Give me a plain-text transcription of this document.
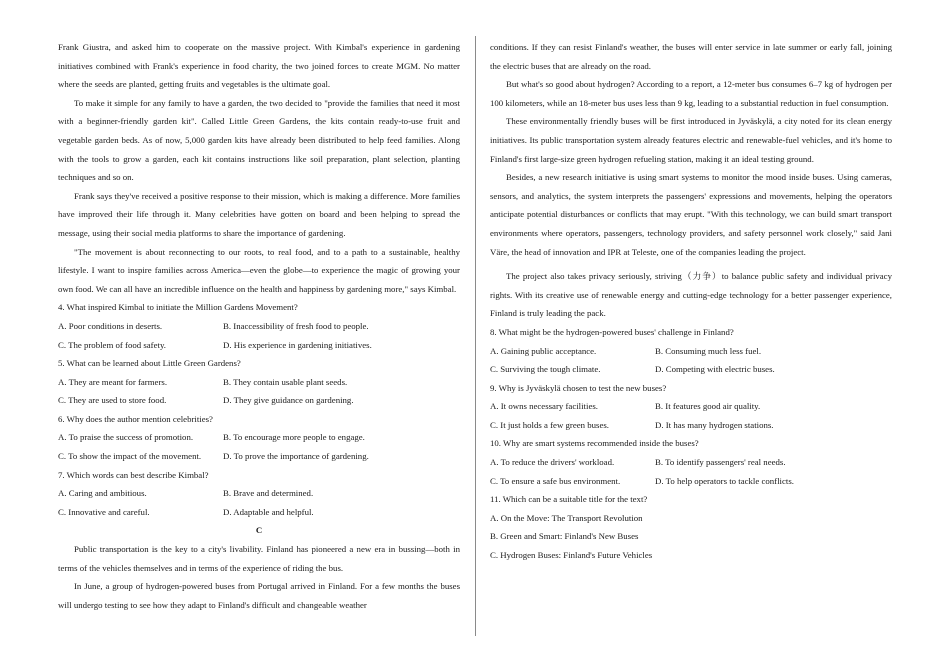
Frank Giustra, and asked him to cooperate on the massive project. With Kimbal's experience in gardening initiatives combined with Frank's experience in food charity, the two joined forces to create MGM. No matter where the seeds are planted, getting fruits and vegetables is the ultimate goal.

To make it simple for any family to have a garden, the two decided to "provide the families that need it most with a beginner-friendly garden kit". Called Little Green Gardens, the kits contain ready-to-use fruit and vegetable garden beds. As of now, 5,000 garden kits have already been distributed to help feed families. Along with the tools to grow a garden, each kit contains instructions like soil preparation, plant selection, planting techniques and so on.

Frank says they've received a positive response to their mission, which is making a difference. More families have improved their life through it. Many celebrities have gotten on board and been helping to spread the message, using their social media platforms to share the importance of gardening.

"The movement is about reconnecting to our roots, to real food, and to a path to a sustainable, healthy lifestyle. I want to inspire families across America—even the globe—to experience the magic of growing your own food. We can all have an incredible influence on the health and happiness by gardening more," says Kimbal.

4. What inspired Kimbal to initiate the Million Gardens Movement?

A. Poor conditions in deserts.	B. Inaccessibility of fresh food to people.
C. The problem of food safety.	D. His experience in gardening initiatives.

5. What can be learned about Little Green Gardens?

A. They are meant for farmers.	B. They contain usable plant seeds.
C. They are used to store food.	D. They give guidance on gardening.

6. Why does the author mention celebrities?

A. To praise the success of promotion.	B. To encourage more people to engage.
C. To show the impact of the movement.	D. To prove the importance of gardening.

7. Which words can best describe Kimbal?

A. Caring and ambitious.	B. Brave and determined.
C. Innovative and careful.	D. Adaptable and helpful.

C

Public transportation is the key to a city's livability. Finland has pioneered a new era in bussing—both in terms of the vehicles themselves and in terms of the experience of riding the bus.

In June, a group of hydrogen-powered buses from Portugal arrived in Finland. For a few months the buses will undergo testing to see how they adapt to Finland's difficult and changeable weather

conditions. If they can resist Finland's weather, the buses will enter service in late summer or early fall, joining the electric buses that are already on the road.

But what's so good about hydrogen? According to a report, a 12-meter bus consumes 6–7 kg of hydrogen per 100 kilometers, while an 18-meter bus uses less than 9 kg, leading to a substantial reduction in fuel consumption.

These environmentally friendly buses will be first introduced in Jyväskylä, a city noted for its clean energy initiatives. Its public transportation system already features electric and renewable-fuel vehicles, and it's home to Finland's first large-size green hydrogen refueling station, making it an ideal testing ground.

Besides, a new research initiative is using smart systems to monitor the mood inside buses. Using cameras, sensors, and analytics, the system interprets the passengers' expressions and movements, helping the operators anticipate potential disturbances or conflicts that may erupt. "With this technology, we can build smart transport environments where operators, passengers, technology providers, and safety personnel work closely," said Jani Väre, the head of innovation and IPR at Teleste, one of the companies leading the project.

The project also takes privacy seriously, striving（力争）to balance public safety and individual privacy rights. With its creative use of renewable energy and cutting-edge technology for a better passenger experience, Finland is truly leading the pack.

8. What might be the hydrogen-powered buses' challenge in Finland?

A. Gaining public acceptance.	B. Consuming much less fuel.
C. Surviving the tough climate.	D. Competing with electric buses.

9. Why is Jyväskylä chosen to test the new buses?

A. It owns necessary facilities.	B. It features good air quality.
C. It just holds a few green buses.	D. It has many hydrogen stations.

10. Why are smart systems recommended inside the buses?

A. To reduce the drivers' workload.	B. To identify passengers' real needs.
C. To ensure a safe bus environment.	D. To help operators to tackle conflicts.

11. Which can be a suitable title for the text?

A. On the Move: The Transport Revolution
B. Green and Smart: Finland's New Buses
C. Hydrogen Buses: Finland's Future Vehicles
